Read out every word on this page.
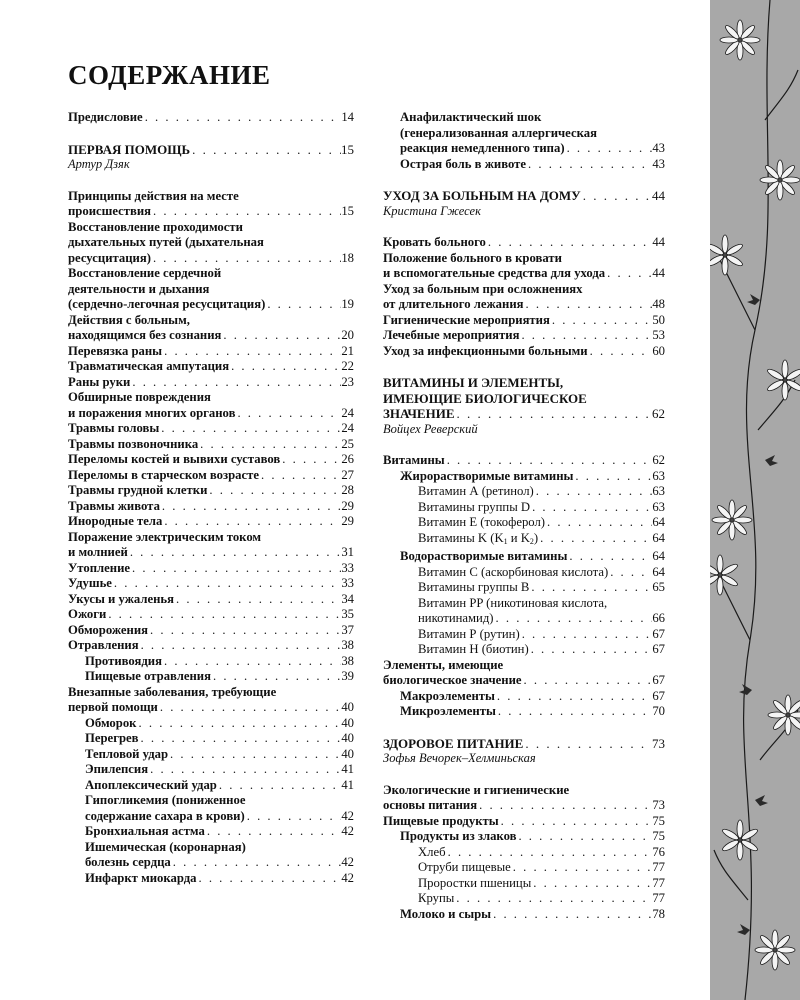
СОДЕРЖАНИЕ
Предисловие . . .	14
ПЕРВАЯ ПОМОЩЬ . . .	15
Артур Дзяк
Принципы действия на месте
происшествия . . .	15
Восстановление проходимости
дыхательных путей (дыхательная
ресусцитация) . . .	18
Восстановление сердечной
деятельности и дыхания
(сердечно-легочная ресусцитация) . . .	19
Действия с больным,
находящимся без сознания . . .	20
Перевязка раны . . .	21
Травматическая ампутация . . .	22
Раны руки . . .	23
Обширные повреждения
и поражения многих органов . . .	24
Травмы головы . . .	24
Травмы позвоночника . . .	25
Переломы костей и вывихи суставов . . .	26
Переломы в старческом возрасте . . .	27
Травмы грудной клетки . . .	28
Травмы живота . . .	29
Инородные тела . . .	29
Поражение электрическим током
и молнией . . .	31
Утопление . . .	33
Удушье . . .	33
Укусы и ужаленья . . .	34
Ожоги . . .	35
Обморожения . . .	37
Отравления . . .	38
Противоядия . . .	38
Пищевые отравления . . .	39
Внезапные заболевания, требующие
первой помощи . . .	40
Обморок . . .	40
Перегрев . . .	40
Тепловой удар . . .	40
Эпилепсия . . .	41
Апоплексический удар . . .	41
Гипогликемия (пониженное
содержание сахара в крови) . . .	42
Бронхиальная астма . . .	42
Ишемическая (коронарная)
болезнь сердца . . .	42
Инфаркт миокарда . . .	42
Анафилактический шок
(генерализованная аллергическая
реакция немедленного типа) . . .	43
Острая боль в животе . . .	43
УХОД ЗА БОЛЬНЫМ НА ДОМУ . . .	44
Кристина Гжесек
Кровать больного . . .	44
Положение больного в кровати
и вспомогательные средства для ухода . . .	44
Уход за больным при осложнениях
от длительного лежания . . .	48
Гигиенические мероприятия . . .	50
Лечебные мероприятия . . .	53
Уход за инфекционными больными . . .	60
ВИТАМИНЫ И ЭЛЕМЕНТЫ,
ИМЕЮЩИЕ БИОЛОГИЧЕСКОЕ
ЗНАЧЕНИЕ . . .	62
Войцех Реверский
Витамины . . .	62
Жирорастворимые витамины . . .	63
Витамин А (ретинол) . . .	63
Витамины группы D . . .	63
Витамин Е (токоферол) . . .	64
Витамины K ($K_1$ и $K_2$) . . .	64
Водорастворимые витамины . . .	64
Витамин С (аскорбиновая кислота) . . .	64
Витамины группы В . . .	65
Витамин PP (никотиновая кислота,
никотинамид) . . .	66
Витамин Р (рутин) . . .	67
Витамин Н (биотин) . . .	67
Элементы, имеющие
биологическое значение . . .	67
Макроэлементы . . .	67
Микроэлементы . . .	70
ЗДОРОВОЕ ПИТАНИЕ . . .	73
Зофья Вечорек–Хелминьская
Экологические и гигиенические
основы питания . . .	73
Пищевые продукты . . .	75
Продукты из злаков . . .	75
Хлеб . . .	76
Отруби пищевые . . .	77
Проростки пшеницы . . .	77
Крупы . . .	77
Молоко и сыры . . .	78
